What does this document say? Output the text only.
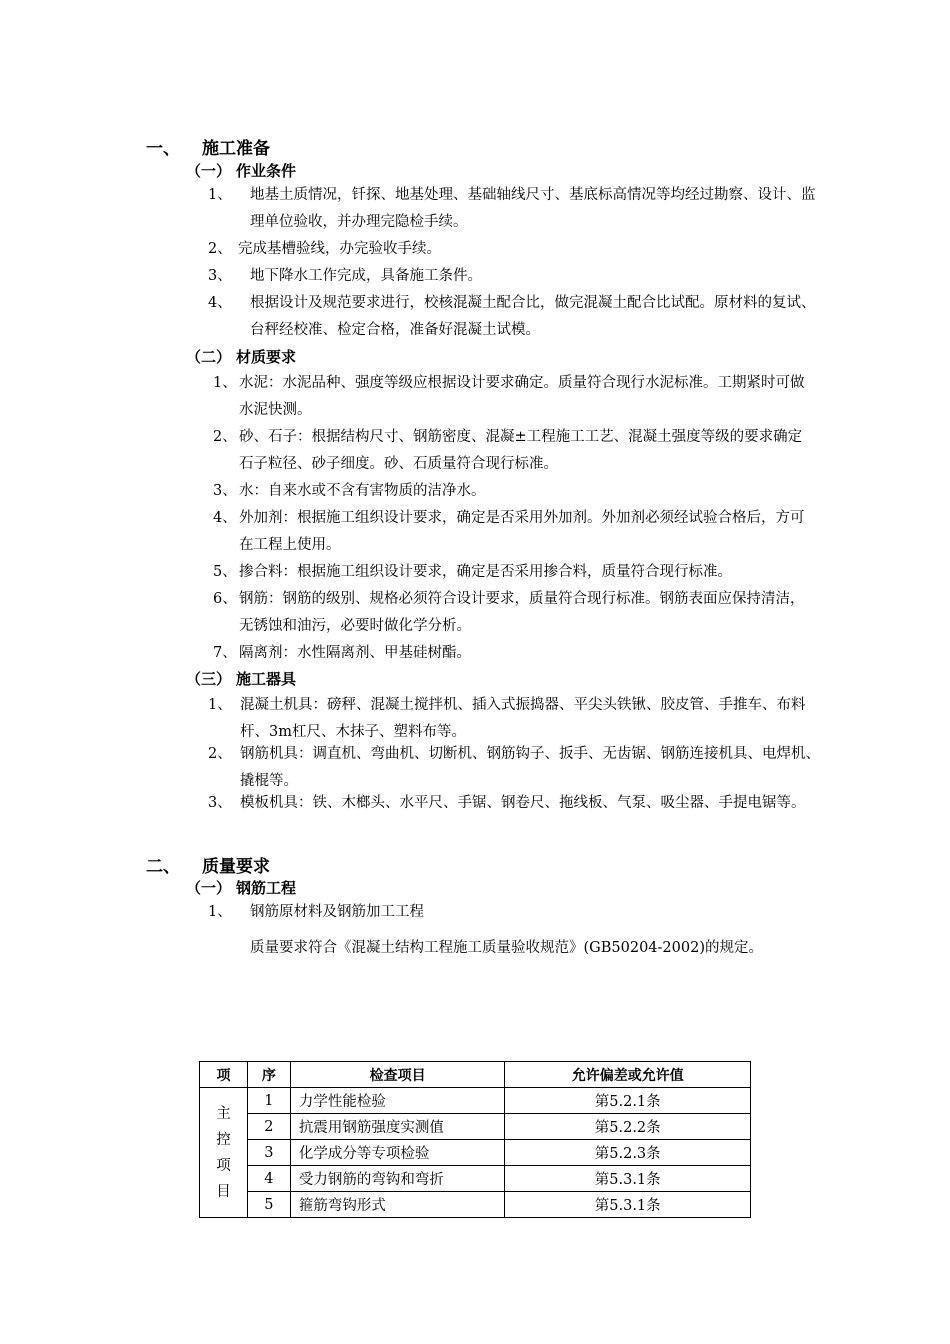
一、 施工准备
（一） 作业条件
1、 地基土质情况，钎探、地基处理、基础轴线尺寸、基底标高情况等均经过勘察、设计、监理单位验收，并办理完隐检手续。
2、 完成基槽验线，办完验收手续。
3、 地下降水工作完成，具备施工条件。
4、 根据设计及规范要求进行，校核混凝土配合比，做完混凝土配合比试配。原材料的复试、台秤经校准、检定合格，准备好混凝土试模。
（二） 材质要求
1、 水泥：水泥品种、强度等级应根据设计要求确定。质量符合现行水泥标准。工期紧时可做水泥快测。
2、 砂、石子：根据结构尺寸、钢筋密度、混凝±工程施工工艺、混凝土强度等级的要求确定石子粒径、砂子细度。砂、石质量符合现行标准。
3、 水：自来水或不含有害物质的洁净水。
4、 外加剂：根据施工组织设计要求，确定是否采用外加剂。外加剂必须经试验合格后，方可在工程上使用。
5、 掺合料：根据施工组织设计要求，确定是否采用掺合料，质量符合现行标准。
6、 钢筋：钢筋的级别、规格必须符合设计要求，质量符合现行标准。钢筋表面应保持清洁，无锈蚀和油污，必要时做化学分析。
7、 隔离剂：水性隔离剂、甲基硅树酯。
（三） 施工器具
1、 混凝土机具：磅秤、混凝土搅拌机、插入式振捣器、平尖头铁锹、胶皮管、手推车、布料杆、3m杠尺、木抹子、塑料布等。
2、 钢筋机具：调直机、弯曲机、切断机、钢筋钩子、扳手、无齿锯、钢筋连接机具、电焊机、撬棍等。
3、 模板机具：铁、木榔头、水平尺、手锯、钢卷尺、拖线板、气泵、吸尘器、手提电锯等。
二、 质量要求
（一） 钢筋工程
1、 钢筋原材料及钢筋加工工程
质量要求符合《混凝土结构工程施工质量验收规范》(GB50204-2002)的规定。
项	序	检查项目	允许偏差或允许值

主
控
项
目	1	力学性能检验	第5.2.1条
	2	抗震用钢筋强度实测值	第5.2.2条
	3	化学成分等专项检验	第5.2.3条
	4	受力钢筋的弯钩和弯折	第5.3.1条
	5	箍筋弯钩形式	第5.3.1条
